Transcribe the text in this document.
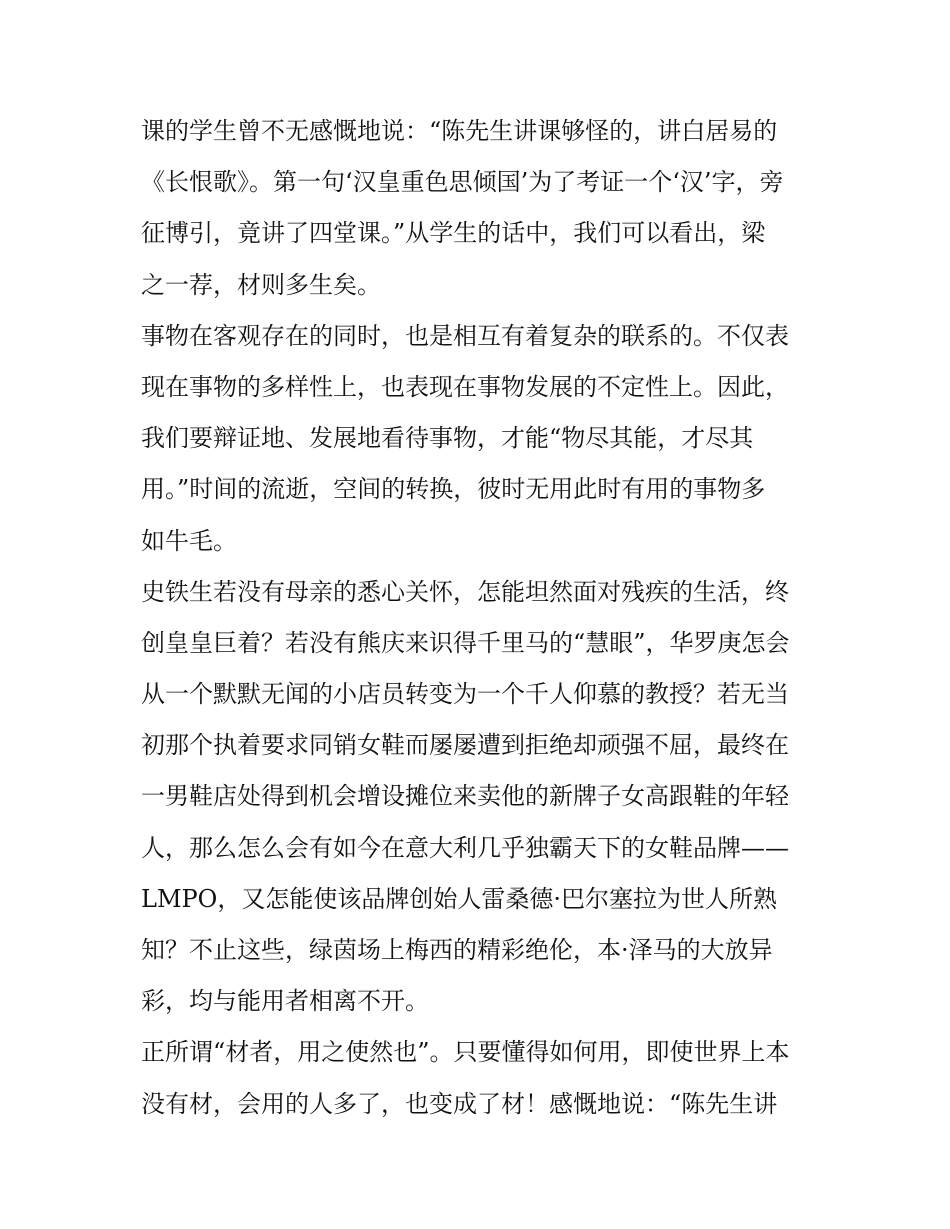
课的学生曾不无感慨地说：“陈先生讲课够怪的，讲白居易的
《长恨歌》。第一句‘汉皇重色思倾国’为了考证一个‘汉’字，旁
征博引，竟讲了四堂课。”从学生的话中，我们可以看出，梁
之一荐，材则多生矣。
事物在客观存在的同时，也是相互有着复杂的联系的。不仅表
现在事物的多样性上，也表现在事物发展的不定性上。因此，
我们要辩证地、发展地看待事物，才能“物尽其能，才尽其
用。”时间的流逝，空间的转换，彼时无用此时有用的事物多
如牛毛。
史铁生若没有母亲的悉心关怀，怎能坦然面对残疾的生活，终
创皇皇巨着？若没有熊庆来识得千里马的“慧眼”，华罗庚怎会
从一个默默无闻的小店员转变为一个千人仰慕的教授？若无当
初那个执着要求同销女鞋而屡屡遭到拒绝却顽强不屈，最终在
一男鞋店处得到机会增设摊位来卖他的新牌子女高跟鞋的年轻
人，那么怎么会有如今在意大利几乎独霸天下的女鞋品牌——
LMPO，又怎能使该品牌创始人雷桑德·巴尔塞拉为世人所熟
知？不止这些，绿茵场上梅西的精彩绝伦，本·泽马的大放异
彩，均与能用者相离不开。
正所谓“材者，用之使然也”。只要懂得如何用，即使世界上本
没有材，会用的人多了，也变成了材！感慨地说：“陈先生讲
